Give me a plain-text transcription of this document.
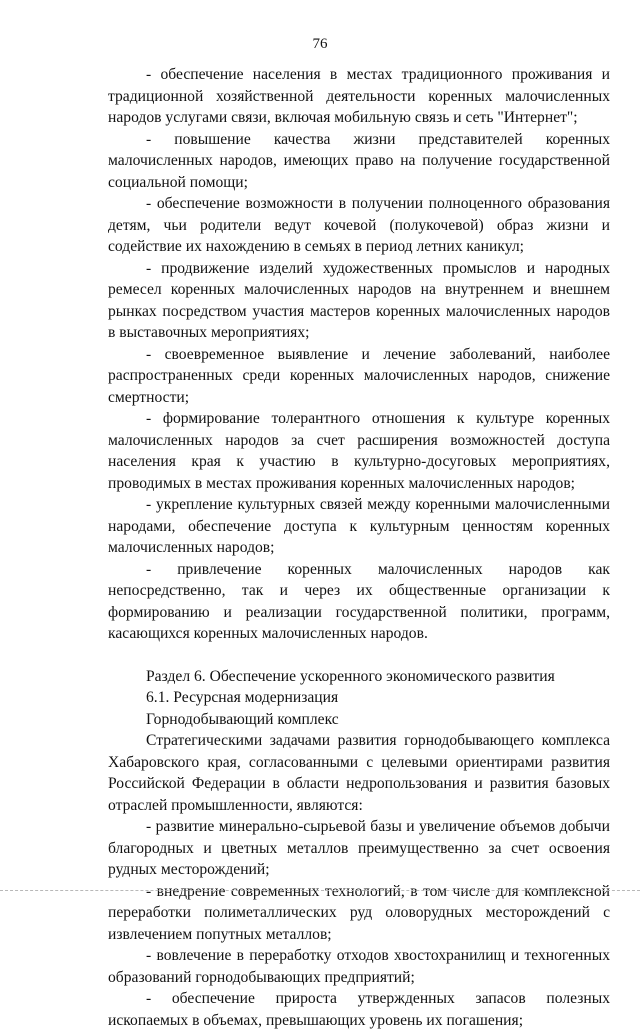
76

- обеспечение населения в местах традиционного проживания и традиционной хозяйственной деятельности коренных малочисленных народов услугами связи, включая мобильную связь и сеть "Интернет";

- повышение качества жизни представителей коренных малочисленных народов, имеющих право на получение государственной социальной помощи;

- обеспечение возможности в получении полноценного образования детям, чьи родители ведут кочевой (полукочевой) образ жизни и содействие их нахождению в семьях в период летних каникул;

- продвижение изделий художественных промыслов и народных ремесел коренных малочисленных народов на внутреннем и внешнем рынках посредством участия мастеров коренных малочисленных народов в выставочных мероприятиях;

- своевременное выявление и лечение заболеваний, наиболее распространенных среди коренных малочисленных народов, снижение смертности;

- формирование толерантного отношения к культуре коренных малочисленных народов за счет расширения возможностей доступа населения края к участию в культурно-досуговых мероприятиях, проводимых в местах проживания коренных малочисленных народов;

- укрепление культурных связей между коренными малочисленными народами, обеспечение доступа к культурным ценностям коренных малочисленных народов;

- привлечение коренных малочисленных народов как непосредственно, так и через их общественные организации к формированию и реализации государственной политики, программ, касающихся коренных малочисленных народов.

Раздел 6. Обеспечение ускоренного экономического развития

6.1. Ресурсная модернизация

Горнодобывающий комплекс

Стратегическими задачами развития горнодобывающего комплекса Хабаровского края, согласованными с целевыми ориентирами развития Российской Федерации в области недропользования и развития базовых отраслей промышленности, являются:

- развитие минерально-сырьевой базы и увеличение объемов добычи благородных и цветных металлов преимущественно за счет освоения рудных месторождений;

- внедрение современных технологий, в том числе для комплексной переработки полиметаллических руд оловорудных месторождений с извлечением попутных металлов;

- вовлечение в переработку отходов хвостохранилищ и техногенных образований горнодобывающих предприятий;

- обеспечение прироста утвержденных запасов полезных ископаемых в объемах, превышающих уровень их погашения;
